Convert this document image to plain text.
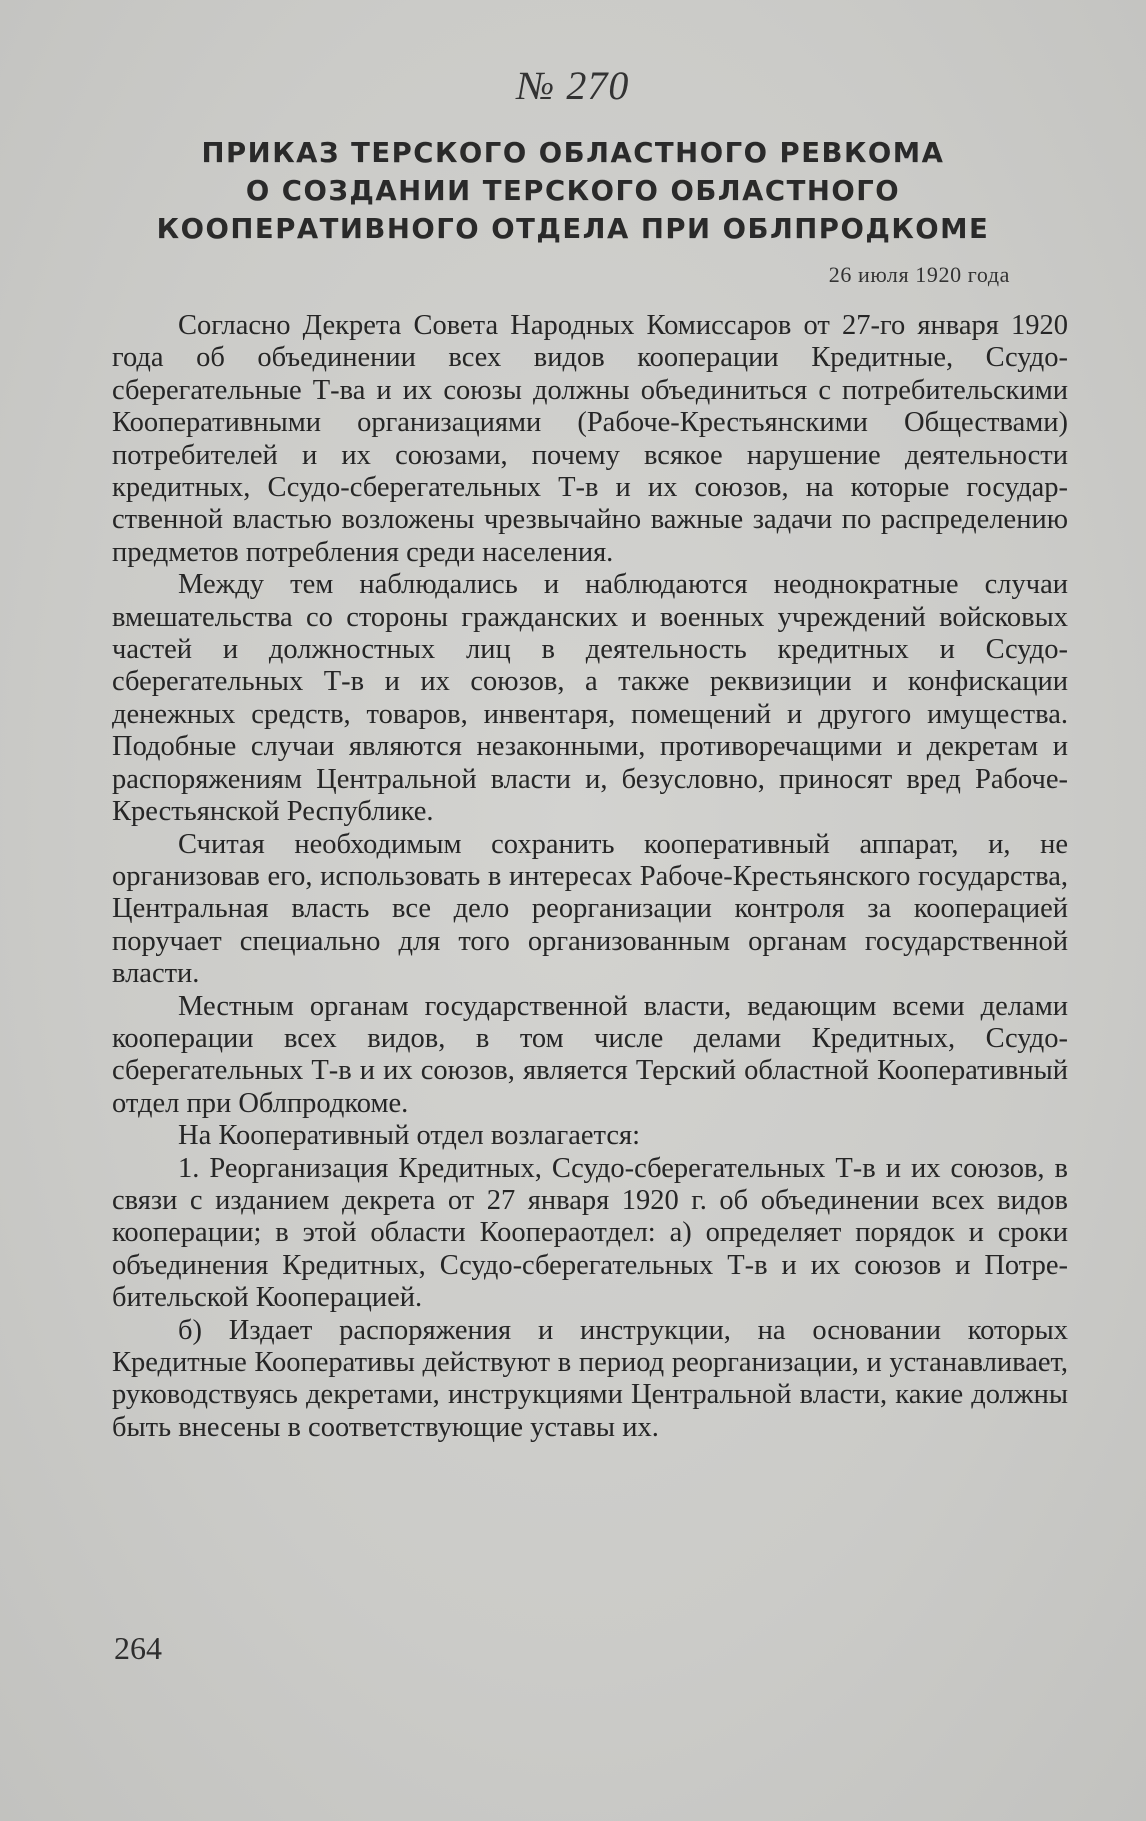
№ 270
ПРИКАЗ ТЕРСКОГО ОБЛАСТНОГО РЕВКОМА
О СОЗДАНИИ ТЕРСКОГО ОБЛАСТНОГО
КООПЕРАТИВНОГО ОТДЕЛА ПРИ ОБЛПРОДКОМЕ
26 июля 1920 года

Согласно Декрета Совета Народных Комиссаров от 27-го января 1920 года об объединении всех видов кооперации Кредитные, Ссудо-сберегательные Т-ва и их союзы должны объединиться с потребительскими Кооперативными организациями (Рабоче-Крестьянскими Обществами) потребителей и их союзами, почему всякое нарушение деятельности кредитных, Ссудо-сберегательных Т-в и их союзов, на которые государственной властью возложены чрезвычайно важные задачи по распределению предметов потребления среди населения.

Между тем наблюдались и наблюдаются неоднократные случаи вмешательства со стороны гражданских и военных учреждений войсковых частей и должностных лиц в деятельность кредитных и Ссудо-сберегательных Т-в и их союзов, а также реквизиции и конфискации денежных средств, товаров, инвентаря, помещений и другого имущества. Подобные случаи являются незаконными, противоречащими и декретам и распоряжениям Центральной власти и, безусловно, приносят вред Рабоче-Крестьянской Республике.

Считая необходимым сохранить кооперативный аппарат, и, не организовав его, использовать в интересах Рабоче-Крестьянского государства, Центральная власть все дело реорганизации контроля за кооперацией поручает специально для того организованным органам государственной власти.

Местным органам государственной власти, ведающим всеми делами кооперации всех видов, в том числе делами Кредитных, Ссудо-сберегательных Т-в и их союзов, является Терский областной Кооперативный отдел при Облпродкоме.

На Кооперативный отдел возлагается:

1. Реорганизация Кредитных, Ссудо-сберегательных Т-в и их союзов, в связи с изданием декрета от 27 января 1920 г. об объединении всех видов кооперации; в этой области Коопераотдел: а) определяет порядок и сроки объединения Кредитных, Ссудо-сберегательных Т-в и их союзов и Потребительской Кооперацией.

б) Издает распоряжения и инструкции, на основании которых Кредитные Кооперативы действуют в период реорганизации, и устанавливает, руководствуясь декретами, инструкциями Центральной власти, какие должны быть внесены в соответствующие уставы их.

264
